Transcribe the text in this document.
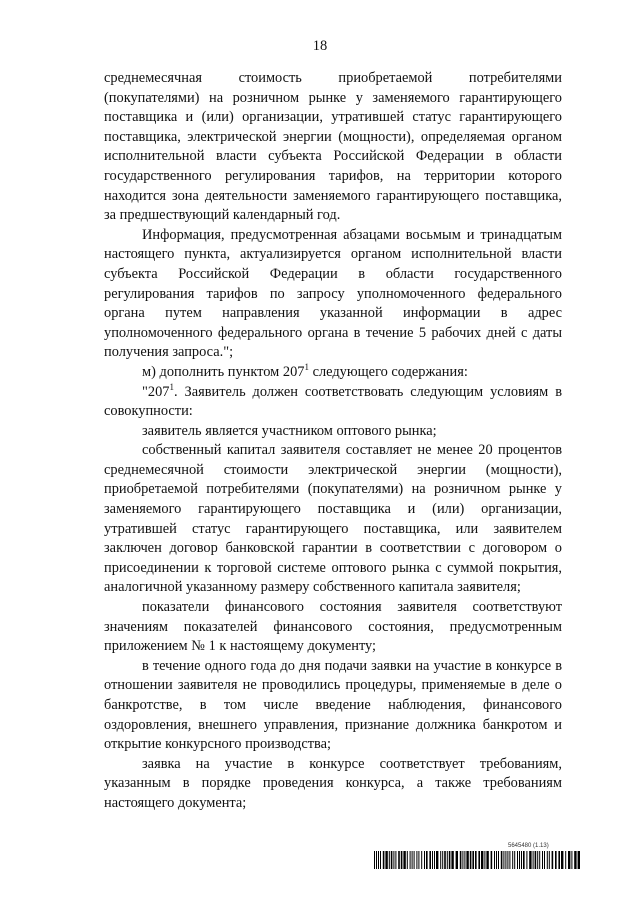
18

среднемесячная стоимость приобретаемой потребителями (покупателями) на розничном рынке у заменяемого гарантирующего поставщика и (или) организации, утратившей статус гарантирующего поставщика, электрической энергии (мощности), определяемая органом исполнительной власти субъекта Российской Федерации в области государственного регулирования тарифов, на территории которого находится зона деятельности заменяемого гарантирующего поставщика, за предшествующий календарный год.

Информация, предусмотренная абзацами восьмым и тринадцатым настоящего пункта, актуализируется органом исполнительной власти субъекта Российской Федерации в области государственного регулирования тарифов по запросу уполномоченного федерального органа путем направления указанной информации в адрес уполномоченного федерального органа в течение 5 рабочих дней с даты получения запроса.";

м) дополнить пунктом $207^1$ следующего содержания:

"$207^1$. Заявитель должен соответствовать следующим условиям в совокупности:

заявитель является участником оптового рынка;

собственный капитал заявителя составляет не менее 20 процентов среднемесячной стоимости электрической энергии (мощности), приобретаемой потребителями (покупателями) на розничном рынке у заменяемого гарантирующего поставщика и (или) организации, утратившей статус гарантирующего поставщика, или заявителем заключен договор банковской гарантии в соответствии с договором о присоединении к торговой системе оптового рынка с суммой покрытия, аналогичной указанному размеру собственного капитала заявителя;

показатели финансового состояния заявителя соответствуют значениям показателей финансового состояния, предусмотренным приложением № 1 к настоящему документу;

в течение одного года до дня подачи заявки на участие в конкурсе в отношении заявителя не проводились процедуры, применяемые в деле о банкротстве, в том числе введение наблюдения, финансового оздоровления, внешнего управления, признание должника банкротом и открытие конкурсного производства;

заявка на участие в конкурсе соответствует требованиям, указанным в порядке проведения конкурса, а также требованиям настоящего документа;

5645480 (1.13)
